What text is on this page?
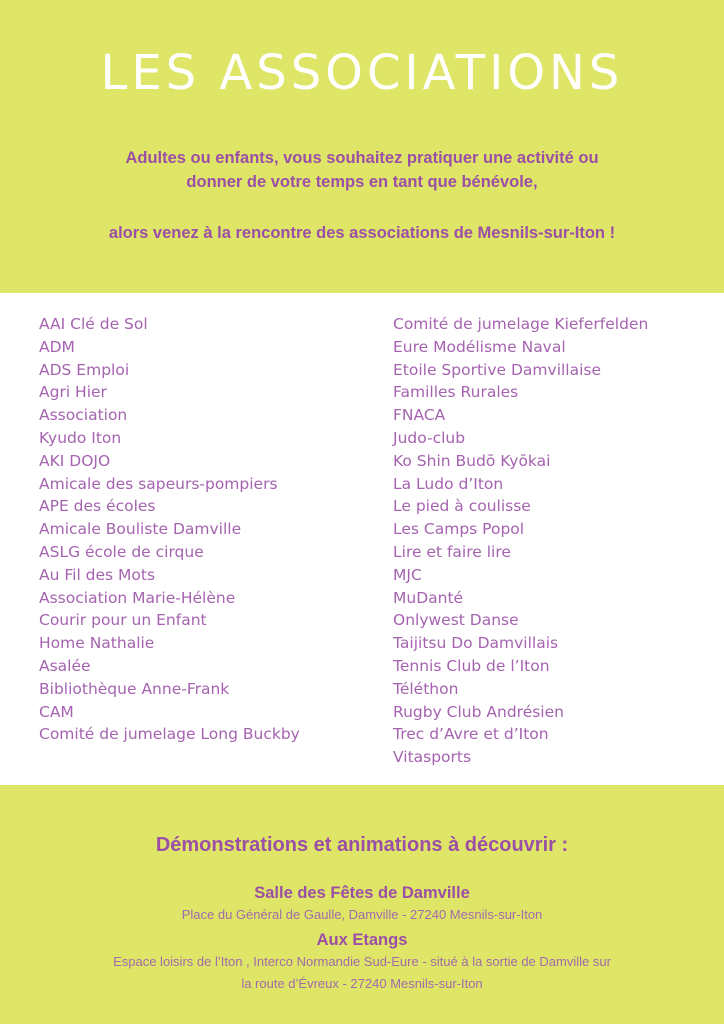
LES ASSOCIATIONS
Adultes ou enfants, vous souhaitez pratiquer une activité ou
donner de votre temps en tant que bénévole,
alors venez à la rencontre des associations de Mesnils-sur-Iton !
AAI Clé de Sol
ADM
ADS Emploi
Agri Hier
Association
Kyudo Iton
AKI DOJO
Amicale des sapeurs-pompiers
APE des écoles
Amicale Bouliste Damville
ASLG école de cirque
Au Fil des Mots
Association Marie-Hélène
Courir pour un Enfant
Home Nathalie
Asalée
Bibliothèque Anne-Frank
CAM
Comité de jumelage Long Buckby
Comité de jumelage Kieferfelden
Eure Modélisme Naval
Etoile Sportive Damvillaise
Familles Rurales
FNACA
Judo-club
Ko Shin Budō Kyōkai
La Ludo d’Iton
Le pied à coulisse
Les Camps Popol
Lire et faire lire
MJC
MuDanté
Onlywest Danse
Taijitsu Do Damvillais
Tennis Club de l’Iton
Téléthon
Rugby Club Andrésien
Trec d’Avre et d’Iton
Vitasports
Démonstrations et animations à découvrir :
Salle des Fêtes de Damville
Place du Général de Gaulle, Damville - 27240 Mesnils-sur-Iton
Aux Etangs
Espace loisirs de l’Iton , Interco Normandie Sud-Eure - situé à la sortie de Damville sur
la route d’Évreux - 27240 Mesnils-sur-Iton
